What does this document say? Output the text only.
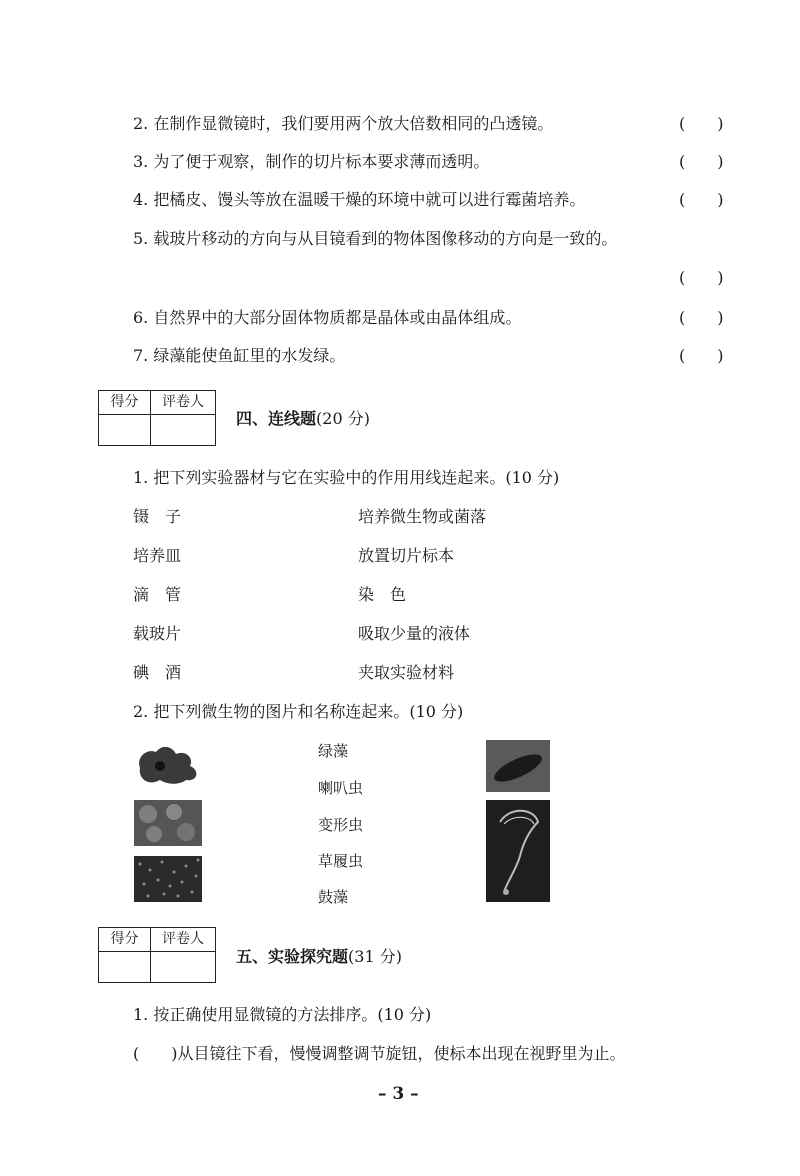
2. 在制作显微镜时，我们要用两个放大倍数相同的凸透镜。	(　　)
3. 为了便于观察，制作的切片标本要求薄而透明。	(　　)
4. 把橘皮、馒头等放在温暖干燥的环境中就可以进行霉菌培养。	(　　)
5. 载玻片移动的方向与从目镜看到的物体图像移动的方向是一致的。
(　　)
6. 自然界中的大部分固体物质都是晶体或由晶体组成。	(　　)
7. 绿藻能使鱼缸里的水发绿。	(　　)
得分	评卷人
四、连线题(20 分)
1. 把下列实验器材与它在实验中的作用用线连起来。(10 分)
镊　子	培养微生物或菌落
培养皿	放置切片标本
滴　管	染　色
载玻片	吸取少量的液体
碘　酒	夹取实验材料
2. 把下列微生物的图片和名称连起来。(10 分)
绿藻
喇叭虫
变形虫
草履虫
鼓藻
得分	评卷人
五、实验探究题(31 分)
1. 按正确使用显微镜的方法排序。(10 分)
(　　)从目镜往下看，慢慢调整调节旋钮，使标本出现在视野里为止。
– 3 –
